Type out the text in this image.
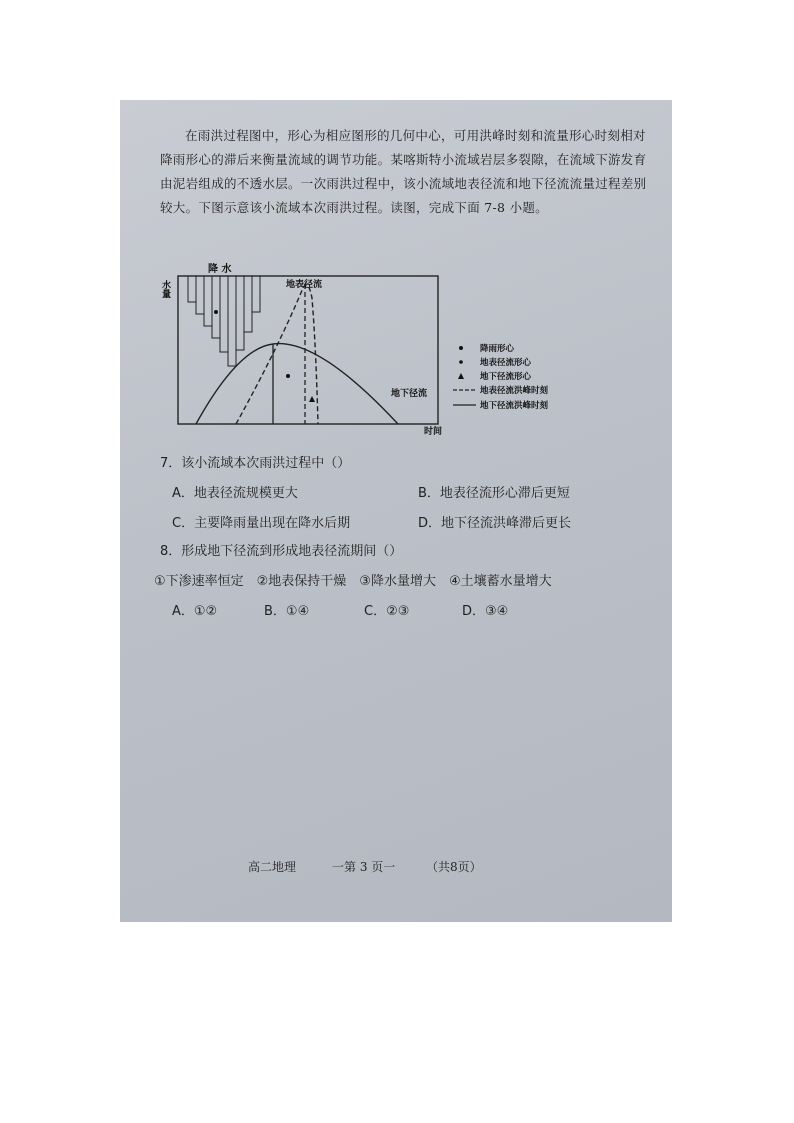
在雨洪过程图中，形心为相应图形的几何中心，可用洪峰时刻和流量形心时刻相对降雨形心的滞后来衡量流域的调节功能。某喀斯特小流域岩层多裂隙，在流域下游发育由泥岩组成的不透水层。一次雨洪过程中，该小流域地表径流和地下径流流量过程差别较大。下图示意该小流域本次雨洪过程。读图，完成下面 7-8 小题。

降 水
水量
时间
地表径流
地下径流
降雨形心
地表径流形心
地下径流形心
地表径流洪峰时刻
地下径流洪峰时刻

7．该小流域本次雨洪过程中（）

A．地表径流规模更大	B．地表径流形心滞后更短

C．主要降雨量出现在降水后期	D．地下径流洪峰滞后更长

8．形成地下径流到形成地表径流期间（）

①下渗速率恒定　②地表保持干燥　③降水量增大　④土壤蓄水量增大

A．①②	B．①④	C．②③	D．③④

高二地理	一第 3 页一	（共8页）
